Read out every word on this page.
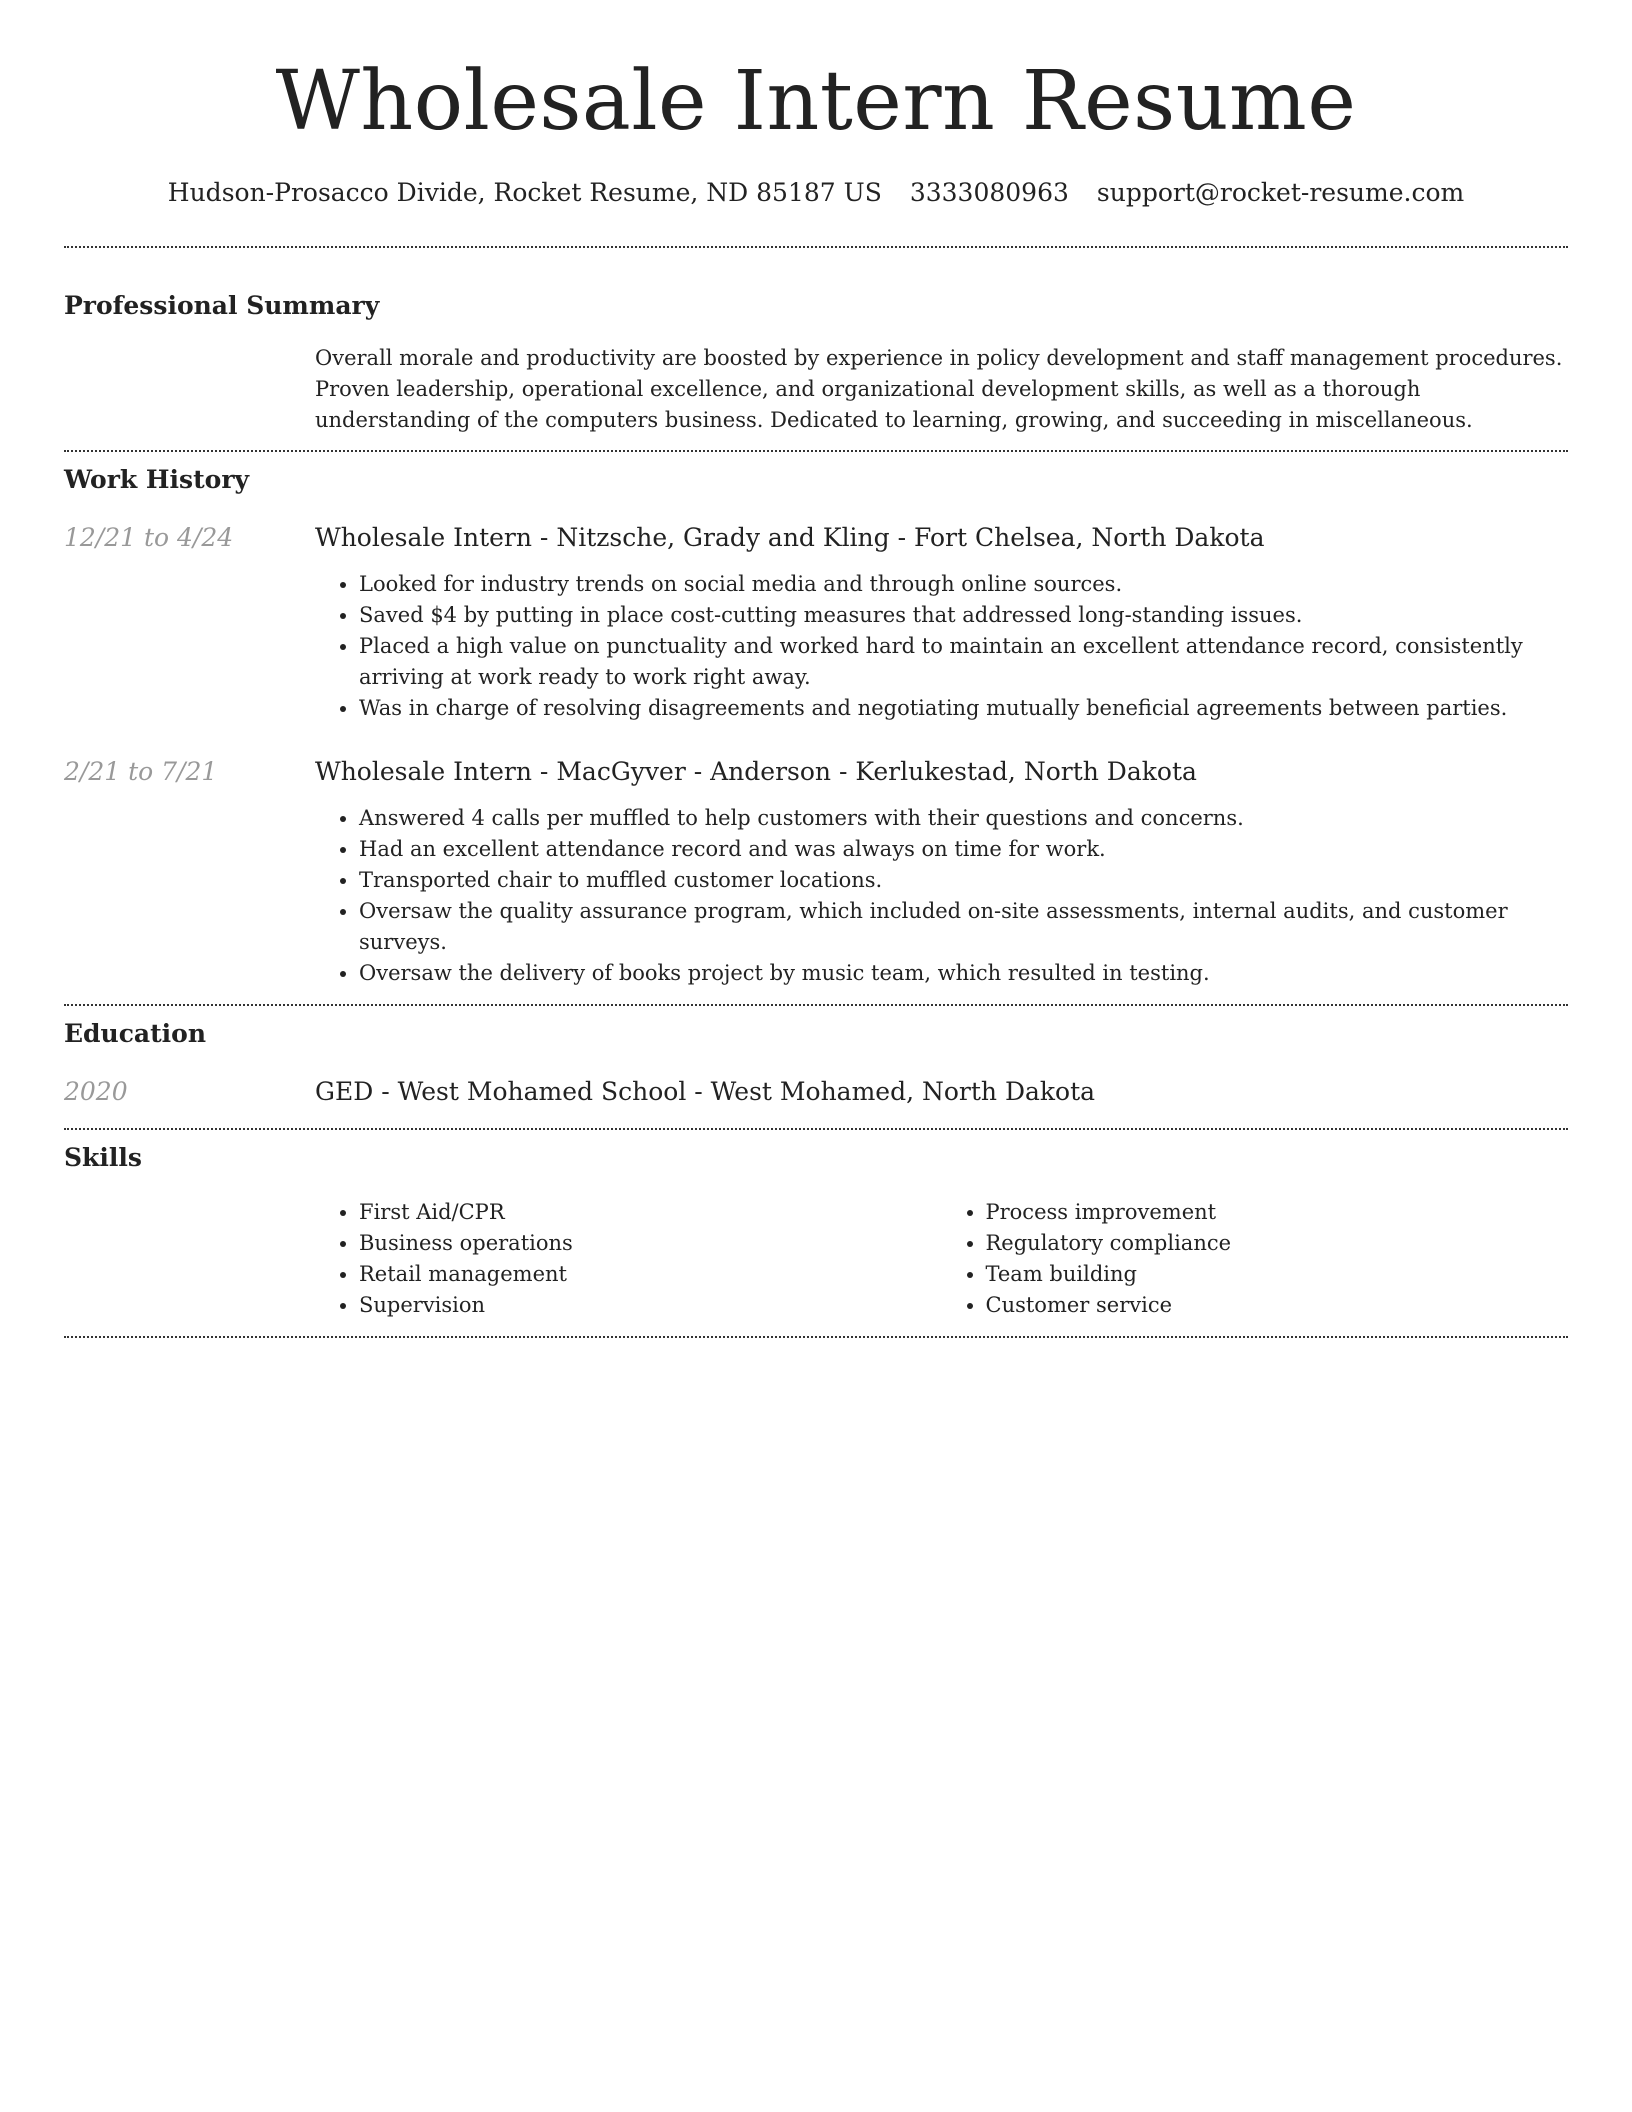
Wholesale Intern Resume
Hudson-Prosacco Divide, Rocket Resume, ND 85187 US 3333080963 support@rocket-resume.com
Professional Summary

Overall morale and productivity are boosted by experience in policy development and staff management procedures. Proven leadership, operational excellence, and organizational development skills, as well as a thorough understanding of the computers business. Dedicated to learning, growing, and succeeding in miscellaneous.

Work History
12/21 to 4/24	Wholesale Intern - Nitzsche, Grady and Kling - Fort Chelsea, North Dakota
• Looked for industry trends on social media and through online sources.
• Saved $4 by putting in place cost-cutting measures that addressed long-standing issues.
• Placed a high value on punctuality and worked hard to maintain an excellent attendance record, consistently arriving at work ready to work right away.
• Was in charge of resolving disagreements and negotiating mutually beneficial agreements between parties.
2/21 to 7/21	Wholesale Intern - MacGyver - Anderson - Kerlukestad, North Dakota
• Answered 4 calls per muffled to help customers with their questions and concerns.
• Had an excellent attendance record and was always on time for work.
• Transported chair to muffled customer locations.
• Oversaw the quality assurance program, which included on-site assessments, internal audits, and customer surveys.
• Oversaw the delivery of books project by music team, which resulted in testing.
Education
2020	GED - West Mohamed School - West Mohamed, North Dakota
Skills
• First Aid/CPR
• Business operations
• Retail management
• Supervision
• Process improvement
• Regulatory compliance
• Team building
• Customer service
